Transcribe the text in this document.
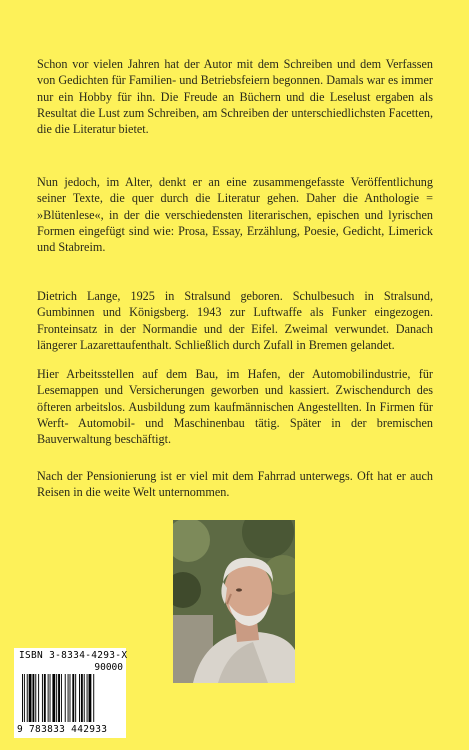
Schon vor vielen Jahren hat der Autor mit dem Schreiben und dem Verfassen von Gedichten für Familien- und Betriebsfeiern begonnen. Damals war es immer nur ein Hobby für ihn. Die Freude an Büchern und die Leselust ergaben als Resultat die Lust zum Schreiben, am Schreiben der unterschiedlichsten Facetten, die die Literatur bietet.

Nun jedoch, im Alter, denkt er an eine zusammengefasste Veröffentlichung seiner Texte, die quer durch die Literatur gehen. Daher die Anthologie = »Blütenlese«, in der die verschiedensten literarischen, epischen und lyrischen Formen eingefügt sind wie: Prosa, Essay, Erzählung, Poesie, Gedicht, Limerick und Stabreim.

Dietrich Lange, 1925 in Stralsund geboren. Schulbesuch in Stralsund, Gumbinnen und Königsberg. 1943 zur Luftwaffe als Funker eingezogen. Fronteinsatz in der Normandie und der Eifel. Zweimal verwundet. Danach längerer Lazarettaufenthalt. Schließlich durch Zufall in Bremen gelandet.

Hier Arbeitsstellen auf dem Bau, im Hafen, der Automobilindustrie, für Lesemappen und Versicherungen geworben und kassiert. Zwischendurch des öfteren arbeitslos. Ausbildung zum kaufmännischen Angestellten. In Firmen für Werft- Automobil- und Maschinenbau tätig. Später in der bremischen Bauverwaltung beschäftigt.

Nach der Pensionierung ist er viel mit dem Fahrrad unterwegs. Oft hat er auch Reisen in die weite Welt unternommen.

ISBN 3-8334-4293-X
90000
9 783833 442933
